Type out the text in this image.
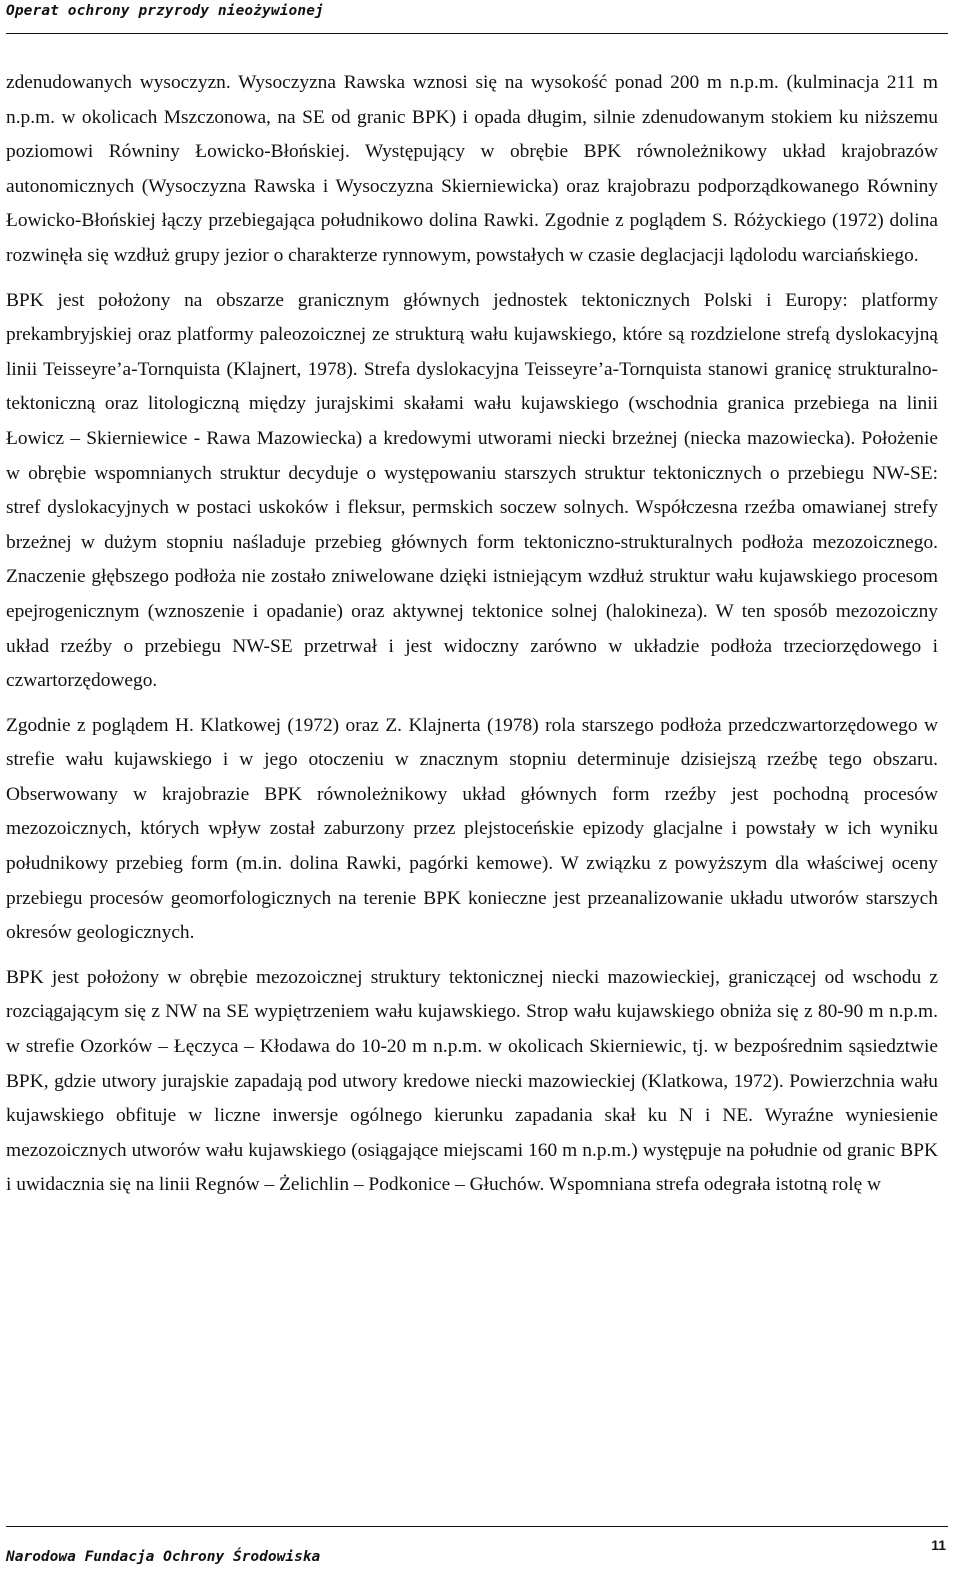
Operat ochrony przyrody nieożywionej

zdenudowanych wysoczyzn. Wysoczyzna Rawska wznosi się na wysokość ponad 200 m n.p.m. (kulminacja 211 m n.p.m. w okolicach Mszczonowa, na SE od granic BPK) i opada długim, silnie zdenudowanym stokiem ku niższemu poziomowi Równiny Łowicko-Błońskiej. Występujący w obrębie BPK równoleżnikowy układ krajobrazów autonomicznych (Wysoczyzna Rawska i Wysoczyzna Skierniewicka) oraz krajobrazu podporządkowanego Równiny Łowicko-Błońskiej łączy przebiegająca południkowo dolina Rawki. Zgodnie z poglądem S. Różyckiego (1972) dolina rozwinęła się wzdłuż grupy jezior o charakterze rynnowym, powstałych w czasie deglacjacji lądolodu warciańskiego.

BPK jest położony na obszarze granicznym głównych jednostek tektonicznych Polski i Europy: platformy prekambryjskiej oraz platformy paleozoicznej ze strukturą wału kujawskiego, które są rozdzielone strefą dyslokacyjną linii Teisseyre’a-Tornquista (Klajnert, 1978). Strefa dyslokacyjna Teisseyre’a-Tornquista stanowi granicę strukturalno-tektoniczną oraz litologiczną między jurajskimi skałami wału kujawskiego (wschodnia granica przebiega na linii Łowicz – Skierniewice - Rawa Mazowiecka) a kredowymi utworami niecki brzeżnej (niecka mazowiecka). Położenie w obrębie wspomnianych struktur decyduje o występowaniu starszych struktur tektonicznych o przebiegu NW-SE: stref dyslokacyjnych w postaci uskoków i fleksur, permskich soczew solnych. Współczesna rzeźba omawianej strefy brzeżnej w dużym stopniu naśladuje przebieg głównych form tektoniczno-strukturalnych podłoża mezozoicznego. Znaczenie głębszego podłoża nie zostało zniwelowane dzięki istniejącym wzdłuż struktur wału kujawskiego procesom epejrogenicznym (wznoszenie i opadanie) oraz aktywnej tektonice solnej (halokineza). W ten sposób mezozoiczny układ rzeźby o przebiegu NW-SE przetrwał i jest widoczny zarówno w układzie podłoża trzeciorzędowego i czwartorzędowego.

Zgodnie z poglądem H. Klatkowej (1972) oraz Z. Klajnerta (1978) rola starszego podłoża przedczwartorzędowego w strefie wału kujawskiego i w jego otoczeniu w znacznym stopniu determinuje dzisiejszą rzeźbę tego obszaru. Obserwowany w krajobrazie BPK równoleżnikowy układ głównych form rzeźby jest pochodną procesów mezozoicznych, których wpływ został zaburzony przez plejstoceńskie epizody glacjalne i powstały w ich wyniku południkowy przebieg form (m.in. dolina Rawki, pagórki kemowe). W związku z powyższym dla właściwej oceny przebiegu procesów geomorfologicznych na terenie BPK konieczne jest przeanalizowanie układu utworów starszych okresów geologicznych.

BPK jest położony w obrębie mezozoicznej struktury tektonicznej niecki mazowieckiej, graniczącej od wschodu z rozciągającym się z NW na SE wypiętrzeniem wału kujawskiego. Strop wału kujawskiego obniża się z 80-90 m n.p.m. w strefie Ozorków – Łęczyca – Kłodawa do 10-20 m n.p.m. w okolicach Skierniewic, tj. w bezpośrednim sąsiedztwie BPK, gdzie utwory jurajskie zapadają pod utwory kredowe niecki mazowieckiej (Klatkowa, 1972). Powierzchnia wału kujawskiego obfituje w liczne inwersje ogólnego kierunku zapadania skał ku N i NE. Wyraźne wyniesienie mezozoicznych utworów wału kujawskiego (osiągające miejscami 160 m n.p.m.) występuje na południe od granic BPK i uwidacznia się na linii Regnów – Żelichlin – Podkonice – Głuchów. Wspomniana strefa odegrała istotną rolę w

11
Narodowa Fundacja Ochrony Środowiska
